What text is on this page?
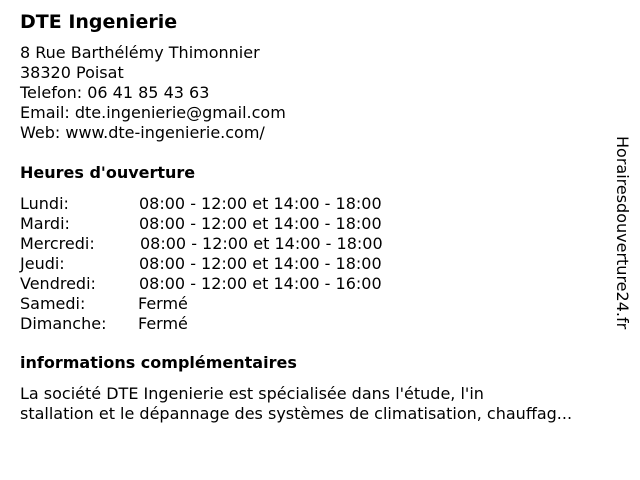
DTE Ingenierie
8 Rue Barthélémy Thimonnier
38320 Poisat
Telefon: 06 41 85 43 63
Email: dte.ingenierie@gmail.com
Web: www.dte-ingenierie.com/
Heures d'ouverture
Lundi:	08:00 - 12:00 et 14:00 - 18:00
Mardi:	08:00 - 12:00 et 14:00 - 18:00
Mercredi:	08:00 - 12:00 et 14:00 - 18:00
Jeudi:	08:00 - 12:00 et 14:00 - 18:00
Vendredi:	08:00 - 12:00 et 14:00 - 16:00
Samedi:	Fermé
Dimanche: Fermé
informations complémentaires
La société DTE Ingenierie est spécialisée dans l'étude, l'in
stallation et le dépannage des systèmes de climatisation, chauffag...
Horairesdouverture24.fr
